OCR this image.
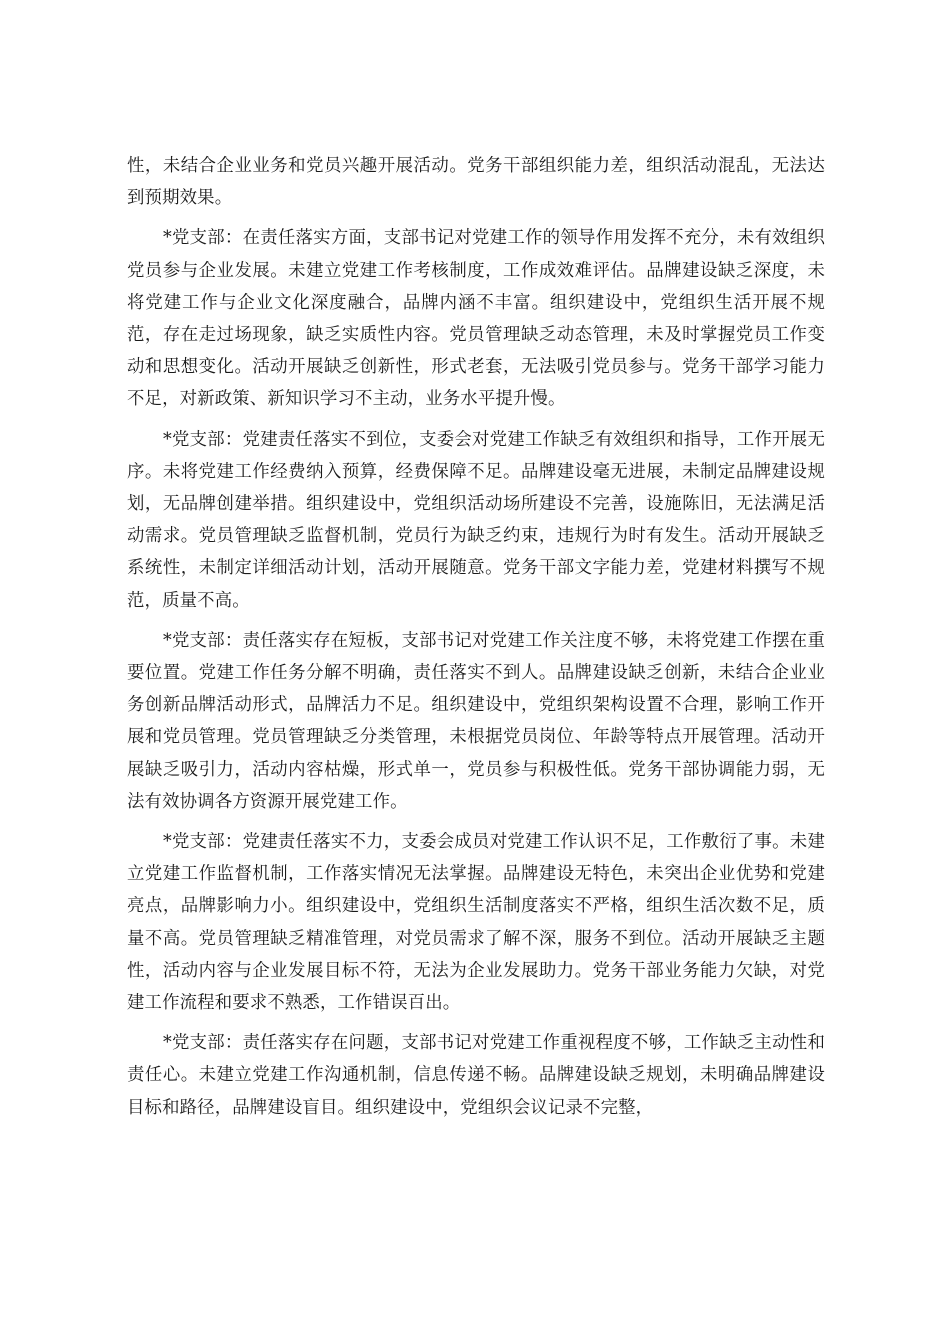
性，未结合企业业务和党员兴趣开展活动。党务干部组织能力差，组织活动混乱，无法达到预期效果。

*党支部：在责任落实方面，支部书记对党建工作的领导作用发挥不充分，未有效组织党员参与企业发展。未建立党建工作考核制度，工作成效难评估。品牌建设缺乏深度，未将党建工作与企业文化深度融合，品牌内涵不丰富。组织建设中，党组织生活开展不规范，存在走过场现象，缺乏实质性内容。党员管理缺乏动态管理，未及时掌握党员工作变动和思想变化。活动开展缺乏创新性，形式老套，无法吸引党员参与。党务干部学习能力不足，对新政策、新知识学习不主动，业务水平提升慢。

*党支部：党建责任落实不到位，支委会对党建工作缺乏有效组织和指导，工作开展无序。未将党建工作经费纳入预算，经费保障不足。品牌建设毫无进展，未制定品牌建设规划，无品牌创建举措。组织建设中，党组织活动场所建设不完善，设施陈旧，无法满足活动需求。党员管理缺乏监督机制，党员行为缺乏约束，违规行为时有发生。活动开展缺乏系统性，未制定详细活动计划，活动开展随意。党务干部文字能力差，党建材料撰写不规范，质量不高。

*党支部：责任落实存在短板，支部书记对党建工作关注度不够，未将党建工作摆在重要位置。党建工作任务分解不明确，责任落实不到人。品牌建设缺乏创新，未结合企业业务创新品牌活动形式，品牌活力不足。组织建设中，党组织架构设置不合理，影响工作开展和党员管理。党员管理缺乏分类管理，未根据党员岗位、年龄等特点开展管理。活动开展缺乏吸引力，活动内容枯燥，形式单一，党员参与积极性低。党务干部协调能力弱，无法有效协调各方资源开展党建工作。

*党支部：党建责任落实不力，支委会成员对党建工作认识不足，工作敷衍了事。未建立党建工作监督机制，工作落实情况无法掌握。品牌建设无特色，未突出企业优势和党建亮点，品牌影响力小。组织建设中，党组织生活制度落实不严格，组织生活次数不足，质量不高。党员管理缺乏精准管理，对党员需求了解不深，服务不到位。活动开展缺乏主题性，活动内容与企业发展目标不符，无法为企业发展助力。党务干部业务能力欠缺，对党建工作流程和要求不熟悉，工作错误百出。

*党支部：责任落实存在问题，支部书记对党建工作重视程度不够，工作缺乏主动性和责任心。未建立党建工作沟通机制，信息传递不畅。品牌建设缺乏规划，未明确品牌建设目标和路径，品牌建设盲目。组织建设中，党组织会议记录不完整，
